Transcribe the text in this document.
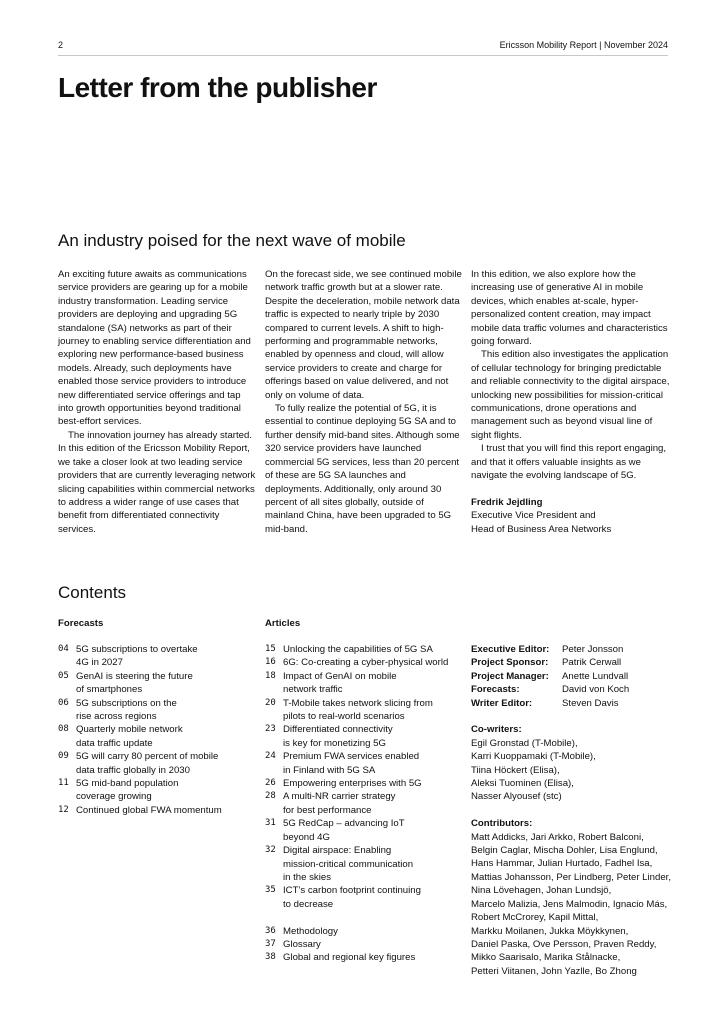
2	Ericsson Mobility Report | November 2024
Letter from the publisher
An industry poised for the next wave of mobile

An exciting future awaits as communications service providers are gearing up for a mobile industry transformation. Leading service providers are deploying and upgrading 5G standalone (SA) networks as part of their journey to enabling service differentiation and exploring new performance-based business models. Already, such deployments have enabled those service providers to introduce new differentiated service offerings and tap into growth opportunities beyond traditional best-effort services.

The innovation journey has already started. In this edition of the Ericsson Mobility Report, we take a closer look at two leading service providers that are currently leveraging network slicing capabilities within commercial networks to address a wider range of use cases that benefit from differentiated connectivity services.

On the forecast side, we see continued mobile network traffic growth but at a slower rate. Despite the deceleration, mobile network data traffic is expected to nearly triple by 2030 compared to current levels. A shift to high-performing and programmable networks, enabled by openness and cloud, will allow service providers to create and charge for offerings based on value delivered, and not only on volume of data.

To fully realize the potential of 5G, it is essential to continue deploying 5G SA and to further densify mid-band sites. Although some 320 service providers have launched commercial 5G services, less than 20 percent of these are 5G SA launches and deployments. Additionally, only around 30 percent of all sites globally, outside of mainland China, have been upgraded to 5G mid-band.

In this edition, we also explore how the increasing use of generative AI in mobile devices, which enables at-scale, hyper-personalized content creation, may impact mobile data traffic volumes and characteristics going forward.

This edition also investigates the application of cellular technology for bringing predictable and reliable connectivity to the digital airspace, unlocking new possibilities for mission-critical communications, drone operations and management such as beyond visual line of sight flights.

I trust that you will find this report engaging, and that it offers valuable insights as we navigate the evolving landscape of 5G.

Fredrik Jejdling

Executive Vice President and
Head of Business Area Networks

Contents
Forecasts	Articles
04 5G subscriptions to overtake
4G in 2027
05 GenAI is steering the future
of smartphones
06 5G subscriptions on the
rise across regions
08 Quarterly mobile network
data traffic update
09 5G will carry 80 percent of mobile
data traffic globally in 2030
11 5G mid-band population
coverage growing
12 Continued global FWA momentum
15 Unlocking the capabilities of 5G SA
16 6G: Co-creating a cyber-physical world
18 Impact of GenAI on mobile
network traffic
20 T-Mobile takes network slicing from
pilots to real-world scenarios
23 Differentiated connectivity
is key for monetizing 5G
24 Premium FWA services enabled
in Finland with 5G SA
26 Empowering enterprises with 5G
28 A multi-NR carrier strategy
for best performance
31 5G RedCap – advancing IoT
beyond 4G
32 Digital airspace: Enabling
mission-critical communication
in the skies
35 ICT’s carbon footprint continuing
to decrease
36 Methodology
37 Glossary
38 Global and regional key figures
Executive Editor:	Peter Jonsson
Project Sponsor:	Patrik Cerwall
Project Manager:	Anette Lundvall
Forecasts:	David von Koch
Writer Editor:	Steven Davis
Co-writers:
Egil Gronstad (T-Mobile),
Karri Kuoppamaki (T-Mobile),
Tiina Höckert (Elisa),
Aleksi Tuominen (Elisa),
Nasser Alyousef (stc)
Contributors:
Matt Addicks, Jari Arkko, Robert Balconi,
Belgin Caglar, Mischa Dohler, Lisa Englund,
Hans Hammar, Julian Hurtado, Fadhel Isa,
Mattias Johansson, Per Lindberg, Peter Linder,
Nina Lövehagen, Johan Lundsjö,
Marcelo Malizia, Jens Malmodin, Ignacio Más,
Robert McCrorey, Kapil Mittal,
Markku Moilanen, Jukka Möykkynen,
Daniel Paska, Ove Persson, Praven Reddy,
Mikko Saarisalo, Marika Stålnacke,
Petteri Viitanen, John Yazlle, Bo Zhong
